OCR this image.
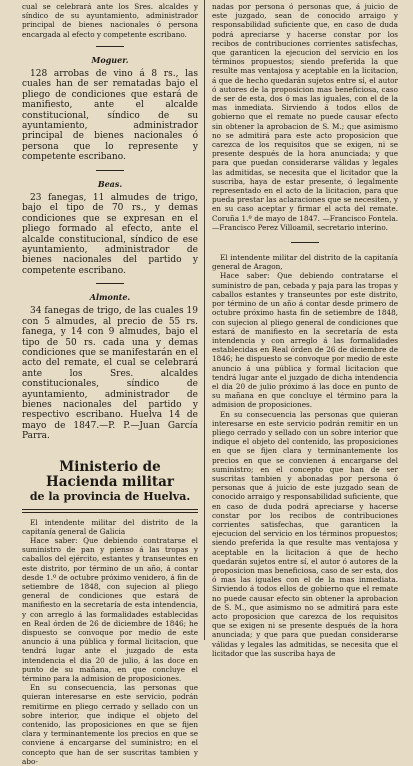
cual se celebrará ante los Sres. alcaldes y síndico de su ayuntamiento, administrador principal de bienes nacionales ó persona encargada al efecto y competente escribano.

Moguer.

128 arrobas de vino á 8 rs., las cuales han de ser rematadas bajo el pliego de condiciones que estará de manifiesto, ante el alcalde constitucional, síndico de su ayuntamiento, administrador principal de bienes nacionales ó persona que lo represente y competente escribano.

Beas.

23 fanegas, 11 almudes de trigo, bajo el tipo de 70 rs., y demas condiciones que se expresan en el pliego formado al efecto, ante el alcalde constitucional, síndico de ese ayuntamiento, administrador de bienes nacionales del partido y competente escribano.

Almonte.

34 fanegas de trigo, de las cuales 19 con 5 almudes, al precio de 55 rs. fanega, y 14 con 9 almudes, bajo el tipo de 50 rs. cada una y demas condiciones que se manifestarán en el acto del remate, el cual se celebrará ante los Sres. alcaldes constitucionales, síndico de ayuntamiento, administrador de bienes nacionales del partido y respectivo escribano. Huelva 14 de mayo de 1847.—P. P.—Juan García Parra.

Ministerio de Hacienda militar
de la provincia de Huelva.

El intendente militar del distrito de la capitanía general de Galicia

Hace saber: Que debiendo contratarse el suministro de pan y pienso á las tropas y caballos del ejército, estantes y transeuntes en este distrito, por término de un año, á contar desde 1.º de octubre próximo venidero, á fin de setiembre de 1848, con sujecion al pliego general de condiciones que estará de manifiesto en la secretaría de esta intendencia, y con arreglo á las formalidades establecidas en Real órden de 26 de diciembre de 1846; he dispuesto se convoque por medio de este anuncio á una pública y formal licitacion, que tendrá lugar ante el juzgado de esta intendencia el dia 20 de julio, á las doce en punto de su mañana, en que concluye el término para la admision de proposiciones.

En su consecuencia, las personas que quieran interesarse en este servicio, podrán remitirme en pliego cerrado y sellado con un sobre interior, que indique el objeto del contenido, las proposiciones en que se fijen clara y terminantemente los precios en que se conviene á encargarse del suministro; en el concepto que han de ser suscritas tambien y abo-

nadas por persona ó personas que, á juicio de este juzgado, sean de conocido arraigo y responsabilidad suficiente que, en caso de duda podrá apreciarse y hacerse constar por los recibos de contribuciones corrientes satisfechas, que garanticen la ejecucion del servicio en los términos propuestos; siendo preferida la que resulte mas ventajosa y aceptable en la licitacion, á que de hecho quedarán sujetos entre sí, el autor ó autores de la proposicion mas beneficiosa, caso de ser de esta, dos ó mas las iguales, con el de la mas inmediata. Sirviendo á todos ellos de gobierno que el remate no puede causar efecto sin obtener la aprobacion de S. M.; que asimismo no se admitirá para este acto proposicion que carezca de los requisitos que se exigen, ni se presente después de la hora anunciada; y que para que puedan considerarse válidas y legales las admitidas, se necesita que el licitador que la suscriba, haya de estar presente, ó legalmente representado en el acto de la licitacion, para que pueda prestar las aclaraciones que se necesiten, y en su caso aceptar y firmar el acta del remate. Coruña 1.º de mayo de 1847. —Francisco Fontela.—Francisco Perez Villoamil, secretario interino.

El intendente militar del distrito de la capitanía general de Aragon,

Hace saber: Que debiendo contratarse el suministro de pan, cebada y paja para las tropas y caballos estantes y transeuntes por este distrito, por término de un año á contar desde primero de octubre próximo hasta fin de setiembre de 1848, con sujecion al pliego general de condiciones que estará de manifiesto en la secretaría de esta intendencia y con arreglo á las formalidades establecidas en Real órden de 26 de diciembre de 1846; he dispuesto se convoque por medio de este anuncio á una pública y formal licitacion que tendrá lugar ante el juzgado de dicha intendencia el dia 20 de julio próximo á las doce en punto de su mañana en que concluye el término para la admision de proposiciones.

En su consecuencia las personas que quieran interesarse en este servicio podrán remitir en un pliego cerrado y sellado con un sobre interior que indique el objeto del contenido, las proposiciones en que se fijen clara y terminantemente los precios en que se convienen á encargarse del suministro; en el concepto que han de ser suscritas tambien y abonadas por persona ó personas que á juicio de este juzgado sean de conocido arraigo y responsabilidad suficiente, que en caso de duda podrá apreciarse y hacerse constar por los recibos de contribuciones corrientes satisfechas, que garanticen la ejecucion del servicio en los términos propuestos; siendo preferida la que resulte mas ventajosa y aceptable en la licitacion á que de hecho quedarán sujetos entre sí, el autor ó autores de la proposicion mas beneficiosa, caso de ser esta, dos ó mas las iguales con el de la mas inmediata. Sirviendo á todos ellos de gobierno que el remate no puede causar efecto sin obtener la aprobacion de S. M., que asimismo no se admitirá para este acto proposicion que carezca de los requisitos que se exigen ni se presente después de la hora anunciada; y que para que puedan considerarse válidas y legales las admitidas, se necesita que el licitador que las suscriba haya de
